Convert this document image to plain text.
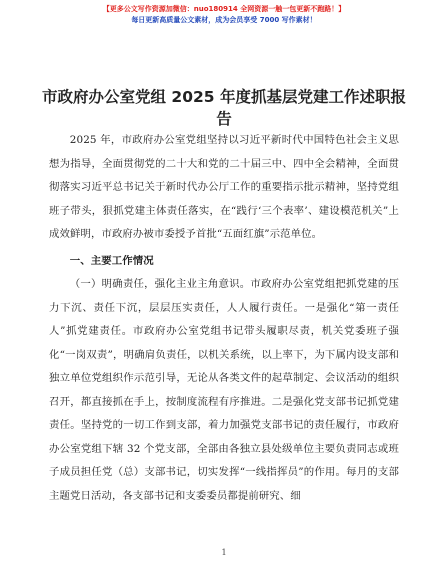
【更多公文写作资源加微信：nuo180914 全网资源一触一包更新不跑路！】
每日更新高质量公文素材，成为会员享受 7000 写作素材！
市政府办公室党组 2025 年度抓基层党建工作述职报告

2025 年，市政府办公室党组坚持以习近平新时代中国特色社会主义思想为指导，全面贯彻党的二十大和党的二十届三中、四中全会精神，全面贯彻落实习近平总书记关于新时代办公厅工作的重要指示批示精神，坚持党组班子带头，狠抓党建主体责任落实，在“践行‘三个表率’、建设模范机关”上成效鲜明，市政府办被市委授予首批“五面红旗”示范单位。

一、主要工作情况

（一）明确责任，强化主业主角意识。市政府办公室党组把抓党建的压力下沉、责任下沉，层层压实责任，人人履行责任。一是强化“第一责任人”抓党建责任。市政府办公室党组书记带头履职尽责，机关党委班子强化“一岗双责”，明确肩负责任，以机关系统，以上率下，为下属内设支部和独立单位党组织作示范引导，无论从各类文件的起草制定、会议活动的组织召开，都直接抓在手上，按制度流程有序推进。二是强化党支部书记抓党建责任。坚持党的一切工作到支部，着力加强党支部书记的责任履行，市政府办公室党组下辖 32 个党支部，全部由各独立县处级单位主要负责同志或班子成员担任党（总）支部书记，切实发挥“一线指挥员”的作用。每月的支部主题党日活动，各支部书记和支委委员都提前研究、细

1
